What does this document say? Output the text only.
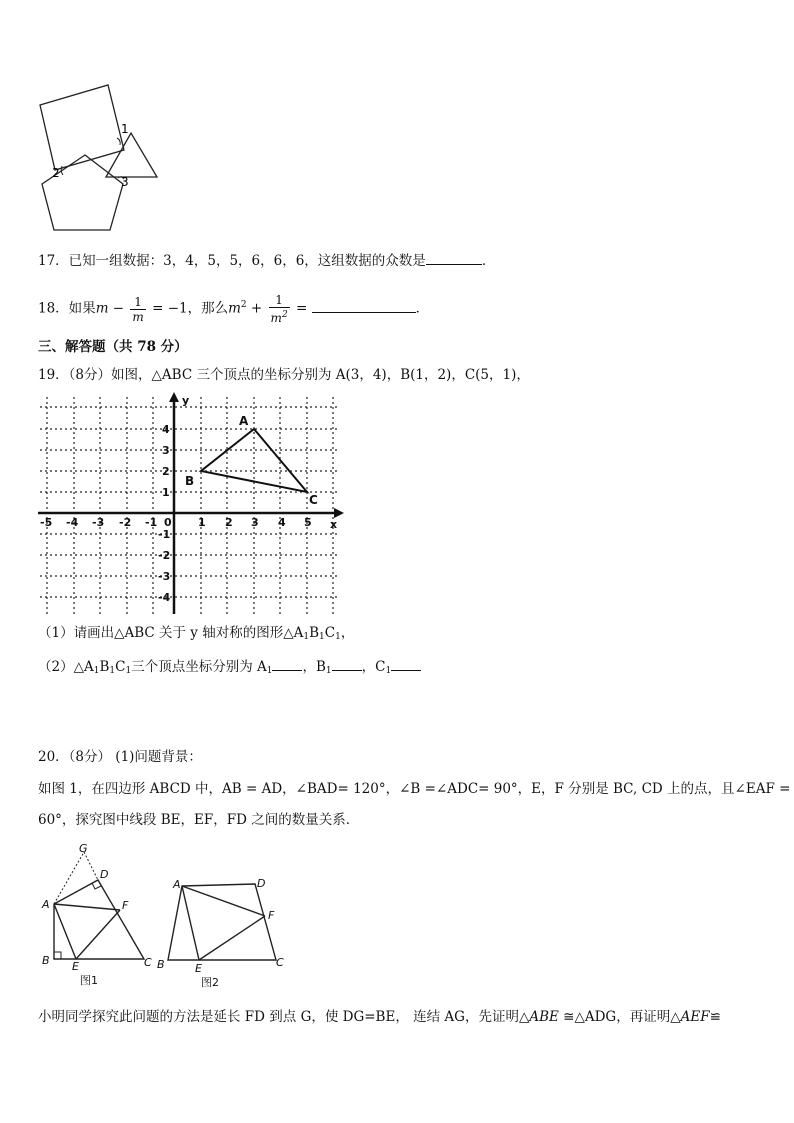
1
2
3
17．已知一组数据：3，4，5，5，6，6，6，这组数据的众数是	．
18．如果$m - \frac{1}{m} = -1$，那么$m^2 + \frac{1}{m^2}$ =	．
三、解答题（共 78 分）
19．（8分）如图，△ABC 三个顶点的坐标分别为 A(3，4)，B(1，2)，C(5，1)，
-5 -4 -3 -2 -1	1 2 3 4 5
0	x
y
4
3
2
1
-1
-2
-3
-4
A
B
C
（1）请画出△ABC 关于 y 轴对称的图形$\triangle A_1B_1C_1$，
$(2)\triangle A_1B_1C_1$三个顶点坐标分别为 $A_1$ ，$B_1$ ，$C_1$
20．（8分） (1)问题背景：
如图 1，在四边形 ABCD 中，AB = AD，∠BAD= 120°，∠B =∠ADC= 90°，E，F 分别是 BC, CD 上的点，且∠EAF =
60°，探究图中线段 BE，EF，FD 之间的数量关系．
G
D
A	F
B E	C
图1
A	D
F
B	E	C
图2
小明同学探究此问题的方法是延长 FD 到点 G，使 DG=BE， 连结 AG，先证明△ABE ≅△ADG，再证明△AEF≌
